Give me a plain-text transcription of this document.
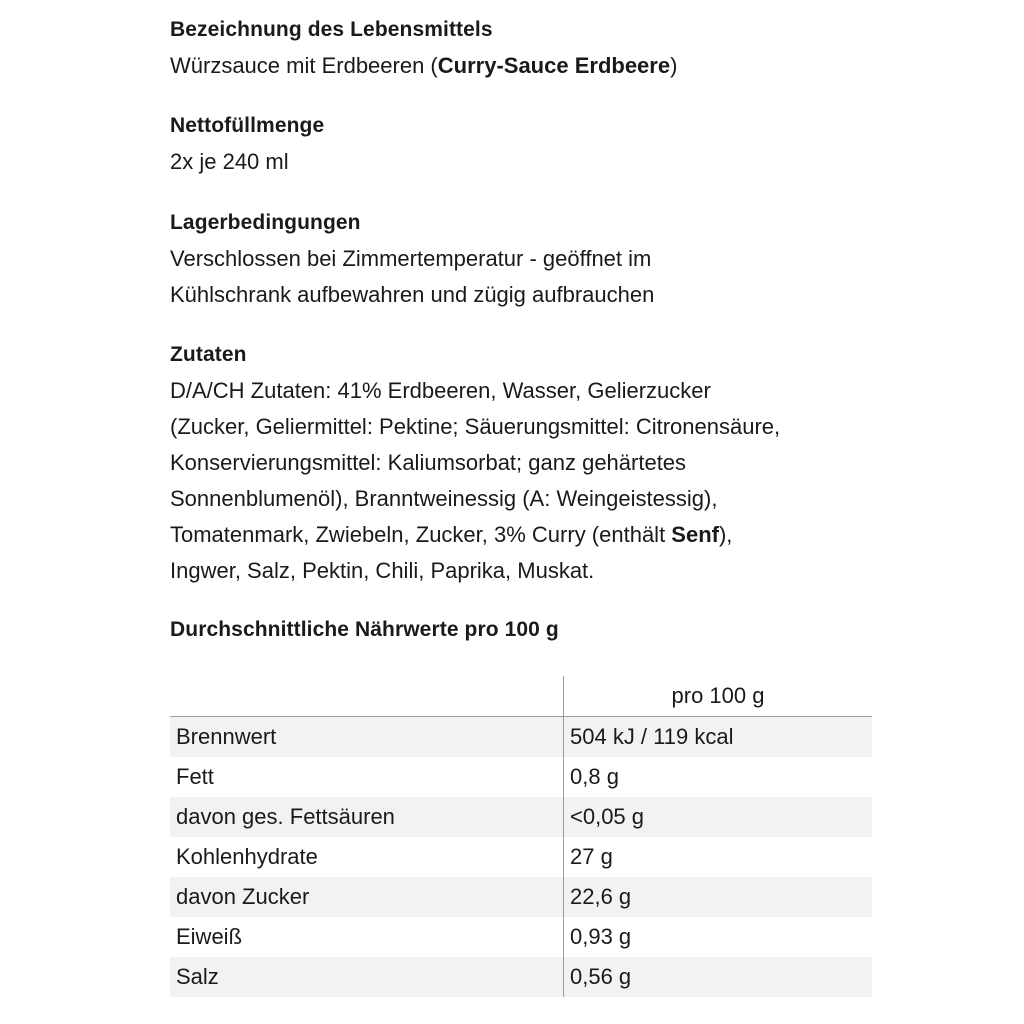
Bezeichnung des Lebensmittels

Würzsauce mit Erdbeeren (Curry-Sauce Erdbeere)

Nettofüllmenge

2x je 240 ml

Lagerbedingungen

Verschlossen bei Zimmertemperatur - geöffnet im

Kühlschrank aufbewahren und zügig aufbrauchen

Zutaten

D/A/CH Zutaten: 41% Erdbeeren, Wasser, Gelierzucker

(Zucker, Geliermittel: Pektine; Säuerungsmittel: Citronensäure,

Konservierungsmittel: Kaliumsorbat; ganz gehärtetes

Sonnenblumenöl), Branntweinessig (A: Weingeistessig),

Tomatenmark, Zwiebeln, Zucker, 3% Curry (enthält Senf),

Ingwer, Salz, Pektin, Chili, Paprika, Muskat.

Durchschnittliche Nährwerte pro 100 g
	pro 100 g
Brennwert	504 kJ / 119 kcal
Fett	0,8 g
davon ges. Fettsäuren	<0,05 g
Kohlenhydrate	27 g
davon Zucker	22,6 g
Eiweiß	0,93 g
Salz	0,56 g
